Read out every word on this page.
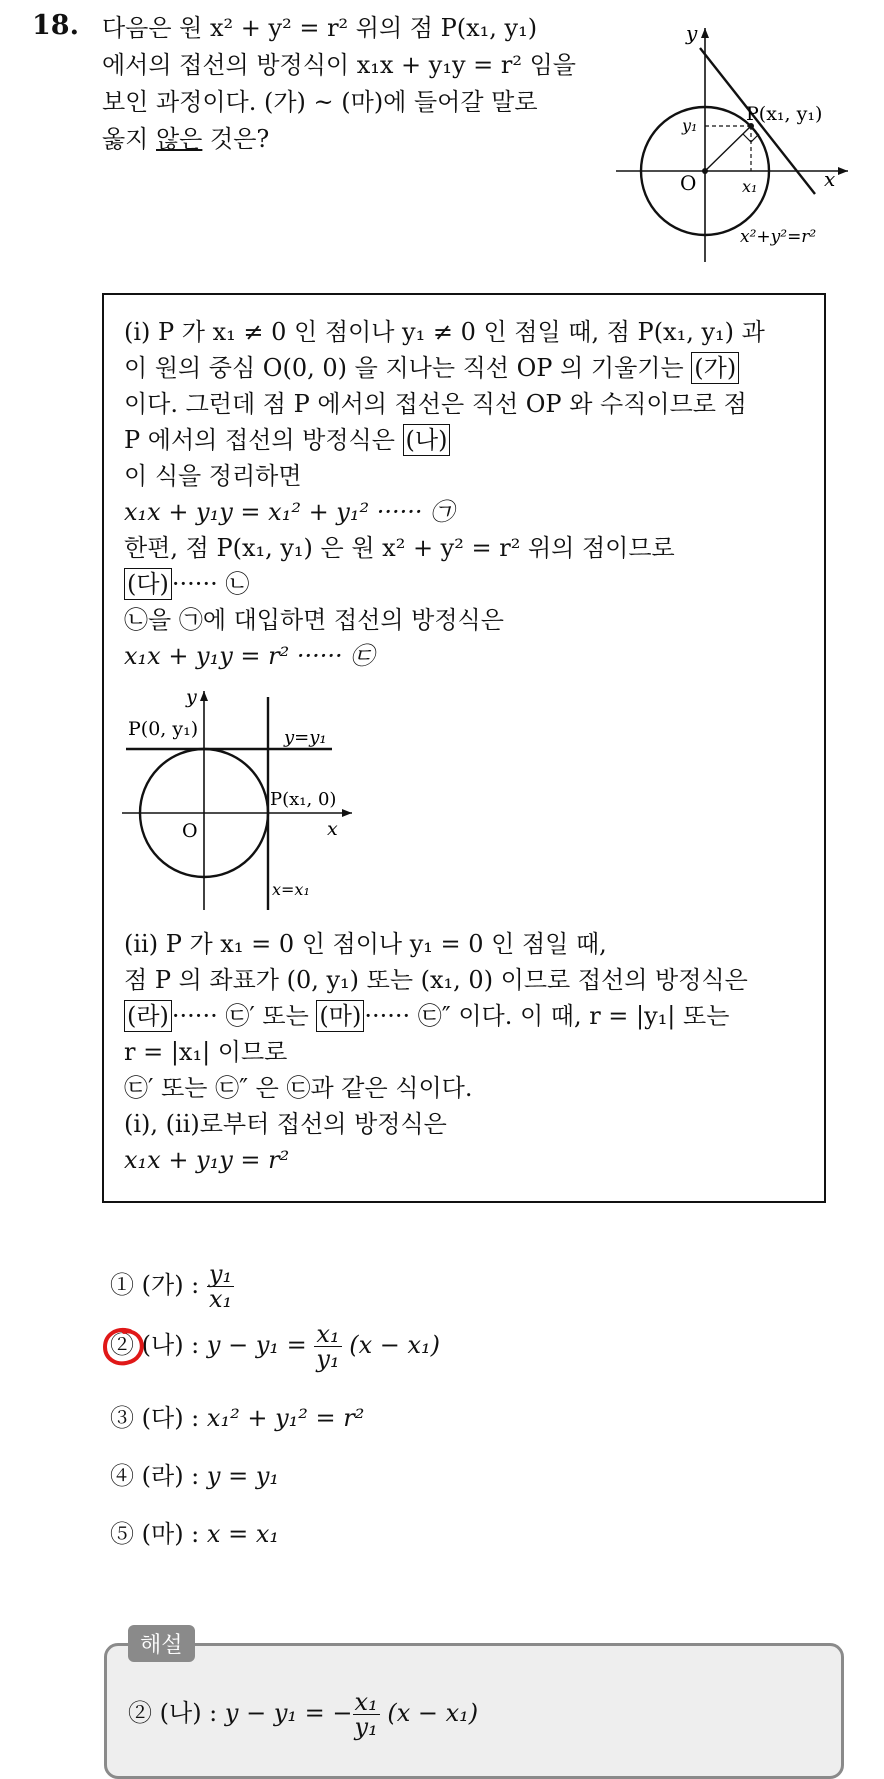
18. 다음은 원 x² + y² = r² 위의 점 P(x₁, y₁)
에서의 접선의 방정식이 x₁x + y₁y = r² 임을
보인 과정이다. (가) ~ (마)에 들어갈 말로
옳지 않은 것은?
y
x
O
P(x₁, y₁)
x₁
y₁
x²+y²=r²
(i) P 가 x₁ ≠ 0 인 점이나 y₁ ≠ 0 인 점일 때, 점 P(x₁, y₁) 과
이 원의 중심 O(0, 0) 을 지나는 직선 OP 의 기울기는 (가)
이다. 그런데 점 P 에서의 접선은 직선 OP 와 수직이므로 점
P 에서의 접선의 방정식은 (나)
이 식을 정리하면
x₁x + y₁y = x₁² + y₁² ······ ㉠
한편, 점 P(x₁, y₁) 은 원 x² + y² = r² 위의 점이므로
(다) ······ ㉡
㉡을 ㉠에 대입하면 접선의 방정식은
x₁x + y₁y = r² ······ ㉢
y
x
O
P(0, y₁)	y=y₁
P(x₁, 0)
x=x₁
(ii) P 가 x₁ = 0 인 점이나 y₁ = 0 인 점일 때,
점 P 의 좌표가 (0, y₁) 또는 (x₁, 0) 이므로 접선의 방정식은
(라) ······ ㉢′ 또는 (마) ······ ㉢″ 이다. 이 때, r = |y₁| 또는
r = |x₁| 이므로
㉢′ 또는 ㉢″ 은 ㉢과 같은 식이다.
(i), (ii)로부터 접선의 방정식은
x₁x + y₁y = r²
① (가) : $\frac{\text{y₁}}{\text{x₁}}$
② (나) : $y - y_1 = \frac{\text{x₁}}{\text{y₁}} (x - x_1)$
③ (다) : x₁² + y₁² = r²
④ (라) : y = y₁
⑤ (마) : x = x₁
해설
② (나) : y − y₁ = − $\frac{\text{x₁}}{\text{y₁}} (x - x_1)$
